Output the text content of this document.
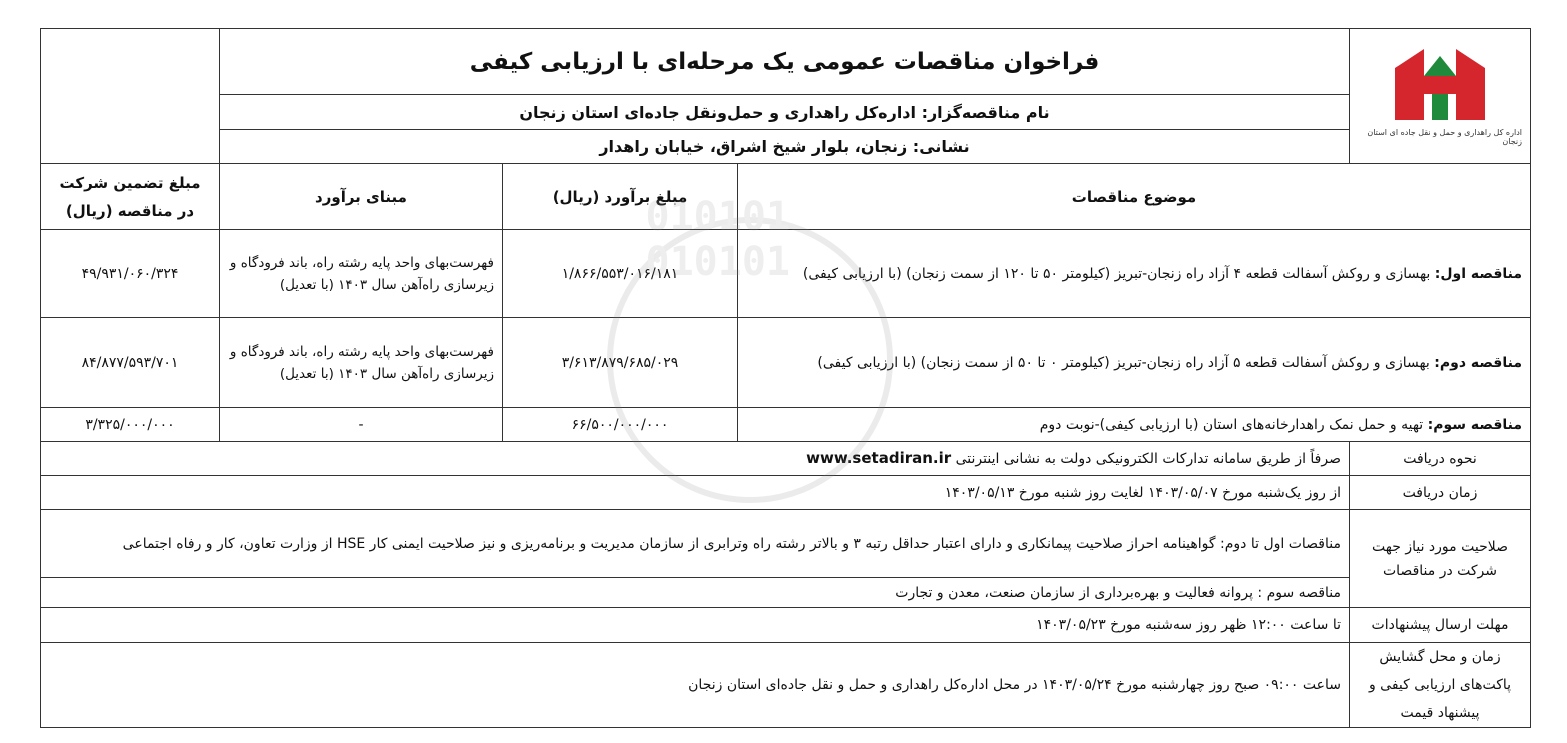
اداره کل راهداری و حمل و نقل جاده ای استان زنجان	فراخوان مناقصات عمومی یک مرحله‌ای با ارزیابی کیفی			
	نام مناقصه‌گزار: اداره‌کل راهداری و حمل‌ونقل جاده‌ای استان زنجان			
	نشانی: زنجان، بلوار شیخ اشراق، خیابان راهدار			
موضوع مناقصات		مبلغ برآورد (ریال)	مبنای برآورد	مبلغ تضمین شرکت در مناقصه (ریال)
مناقصه اول: بهسازی و روکش آسفالت قطعه ۴ آزاد راه زنجان-تبریز (کیلومتر ۵۰ تا ۱۲۰ از سمت زنجان) (با ارزیابی کیفی)		۱/۸۶۶/۵۵۳/۰۱۶/۱۸۱	فهرست‌بهای واحد پایه رشته راه، باند فرودگاه و زیرسازی راه‌آهن سال ۱۴۰۳ (با تعدیل)	۴۹/۹۳۱/۰۶۰/۳۲۴
مناقصه دوم: بهسازی و روکش آسفالت قطعه ۵ آزاد راه زنجان-تبریز (کیلومتر ۰ تا ۵۰ از سمت زنجان) (با ارزیابی کیفی)		۳/۶۱۳/۸۷۹/۶۸۵/۰۲۹	فهرست‌بهای واحد پایه رشته راه، باند فرودگاه و زیرسازی راه‌آهن سال ۱۴۰۳ (با تعدیل)	۸۴/۸۷۷/۵۹۳/۷۰۱
مناقصه سوم: تهیه و حمل نمک راهدارخانه‌های استان (با ارزیابی کیفی)-نوبت دوم		۶۶/۵۰۰/۰۰۰/۰۰۰	-	۳/۳۲۵/۰۰۰/۰۰۰
نحوه دریافت	صرفاً از طریق سامانه تدارکات الکترونیکی دولت به نشانی اینترنتی www.setadiran.ir			
زمان دریافت	از روز یک‌شنبه مورخ ۱۴۰۳/۰۵/۰۷ لغایت روز شنبه مورخ ۱۴۰۳/۰۵/۱۳			
صلاحیت مورد نیاز جهت شرکت در مناقصات	مناقصات اول تا دوم: گواهینامه احراز صلاحیت پیمانکاری و دارای اعتبار حداقل رتبه ۳ و بالاتر رشته راه وترابری از سازمان مدیریت و برنامه‌ریزی و نیز صلاحیت ایمنی کار HSE از وزارت تعاون، کار و رفاه اجتماعی			
	مناقصه سوم : پروانه فعالیت و بهره‌برداری از سازمان صنعت، معدن و تجارت			
مهلت ارسال پیشنهادات	تا ساعت ۱۲:۰۰ ظهر روز سه‌شنبه مورخ ۱۴۰۳/۰۵/۲۳			
زمان و محل گشایش پاکت‌های ارزیابی کیفی و پیشنهاد قیمت	ساعت ۰۹:۰۰ صبح روز چهارشنبه مورخ ۱۴۰۳/۰۵/۲۴ در محل اداره‌کل راهداری و حمل و نقل جاده‌ای استان زنجان			
010101
010101
